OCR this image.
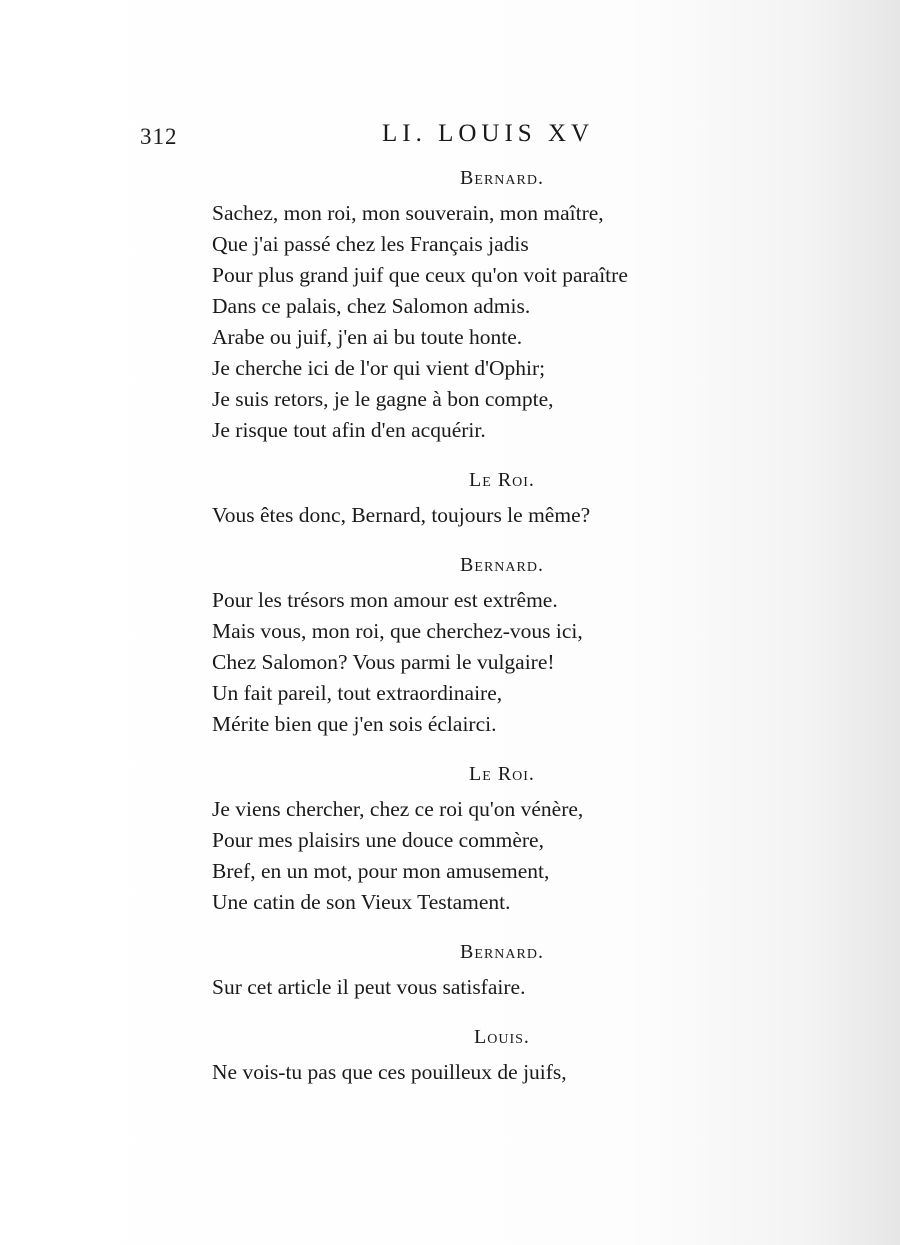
312	LI. LOUIS XV
Bernard.
Sachez, mon roi, mon souverain, mon maître,
Que j'ai passé chez les Français jadis
Pour plus grand juif que ceux qu'on voit paraître
Dans ce palais, chez Salomon admis.
Arabe ou juif, j'en ai bu toute honte.
Je cherche ici de l'or qui vient d'Ophir;
Je suis retors, je le gagne à bon compte,
Je risque tout afin d'en acquérir.
Le Roi.
Vous êtes donc, Bernard, toujours le même?
Bernard.
Pour les trésors mon amour est extrême.
Mais vous, mon roi, que cherchez-vous ici,
Chez Salomon? Vous parmi le vulgaire!
Un fait pareil, tout extraordinaire,
Mérite bien que j'en sois éclairci.
Le Roi.
Je viens chercher, chez ce roi qu'on vénère,
Pour mes plaisirs une douce commère,
Bref, en un mot, pour mon amusement,
Une catin de son Vieux Testament.
Bernard.
Sur cet article il peut vous satisfaire.
Louis.
Ne vois-tu pas que ces pouilleux de juifs,
